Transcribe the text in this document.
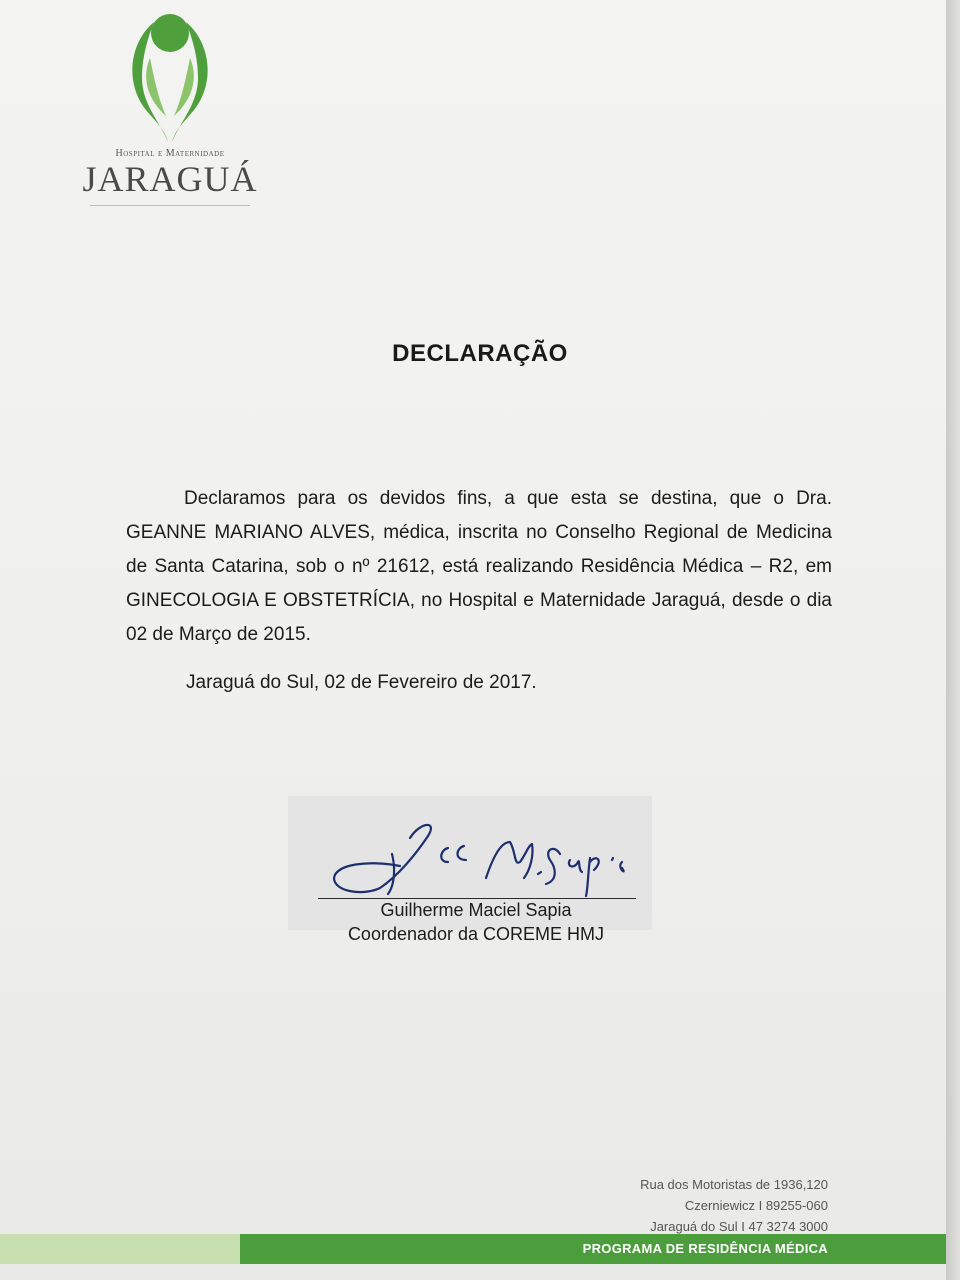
Hospital e Maternidade
JARAGUÁ
DECLARAÇÃO
Declaramos para os devidos fins, a que esta se destina, que o Dra. GEANNE MARIANO ALVES, médica, inscrita no Conselho Regional de Medicina de Santa Catarina, sob o nº 21612, está realizando Residência Médica – R2, em GINECOLOGIA E OBSTETRÍCIA, no Hospital e Maternidade Jaraguá, desde o dia 02 de Março de 2015.
Jaraguá do Sul, 02 de Fevereiro de 2017.
Guilherme Maciel Sapia
Coordenador da COREME HMJ
Rua dos Motoristas de 1936,120
Czerniewicz I 89255-060
Jaraguá do Sul I 47 3274 3000
PROGRAMA DE RESIDÊNCIA MÉDICA
